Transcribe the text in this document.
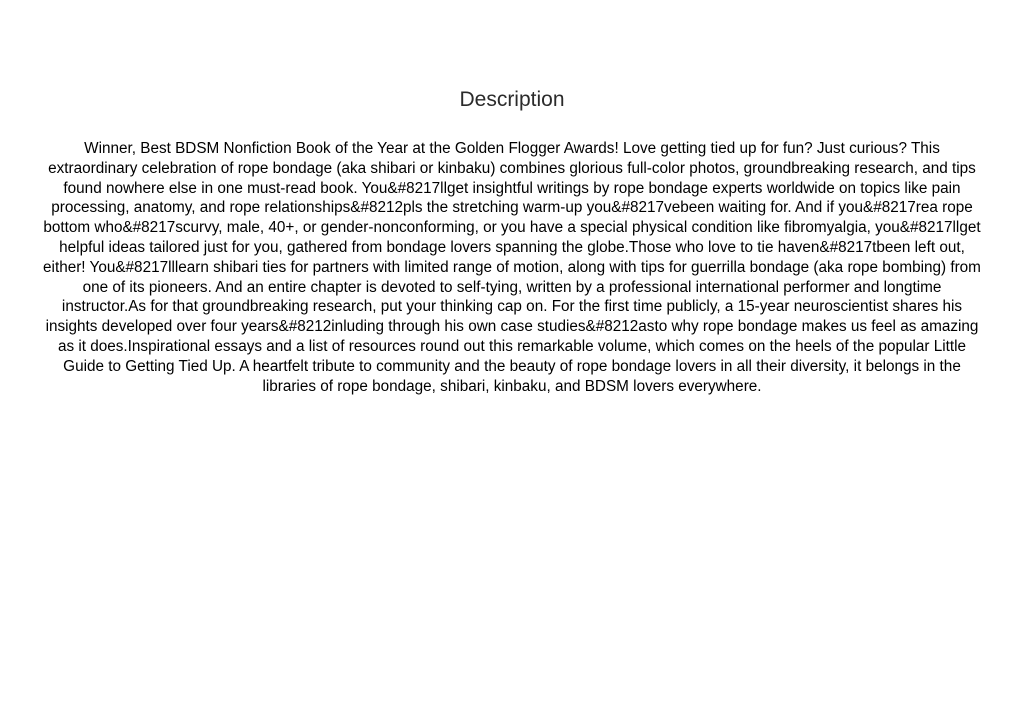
Description

Winner, Best BDSM Nonfiction Book of the Year at the Golden Flogger Awards! Love getting tied up for fun? Just curious? This extraordinary celebration of rope bondage (aka shibari or kinbaku) combines glorious full-color photos, groundbreaking research, and tips found nowhere else in one must-read book. You&#8217llget insightful writings by rope bondage experts worldwide on topics like pain processing, anatomy, and rope relationships&#8212pls the stretching warm-up you&#8217vebeen waiting for. And if you&#8217rea rope bottom who&#8217scurvy, male, 40+, or gender-nonconforming, or you have a special physical condition like fibromyalgia, you&#8217llget helpful ideas tailored just for you, gathered from bondage lovers spanning the globe.Those who love to tie haven&#8217tbeen left out, either! You&#8217lllearn shibari ties for partners with limited range of motion, along with tips for guerrilla bondage (aka rope bombing) from one of its pioneers. And an entire chapter is devoted to self-tying, written by a professional international performer and longtime instructor.As for that groundbreaking research, put your thinking cap on. For the first time publicly, a 15-year neuroscientist shares his insights developed over four years&#8212inluding through his own case studies&#8212asto why rope bondage makes us feel as amazing as it does.Inspirational essays and a list of resources round out this remarkable volume, which comes on the heels of the popular Little Guide to Getting Tied Up. A heartfelt tribute to community and the beauty of rope bondage lovers in all their diversity, it belongs in the libraries of rope bondage, shibari, kinbaku, and BDSM lovers everywhere.
